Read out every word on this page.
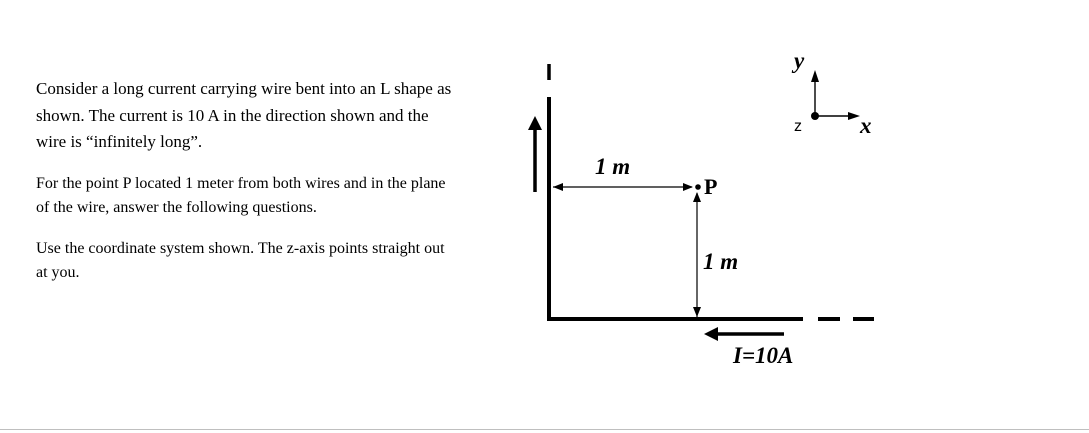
Consider a long current carrying wire bent into an L shape as shown. The current is 10 A in the direction shown and the wire is “infinitely long”.

For the point P located 1 meter from both wires and in the plane of the wire, answer the following questions.

Use the coordinate system shown. The z-axis points straight out at you.

1 m
1 m
P
I=10A
y
x
z
